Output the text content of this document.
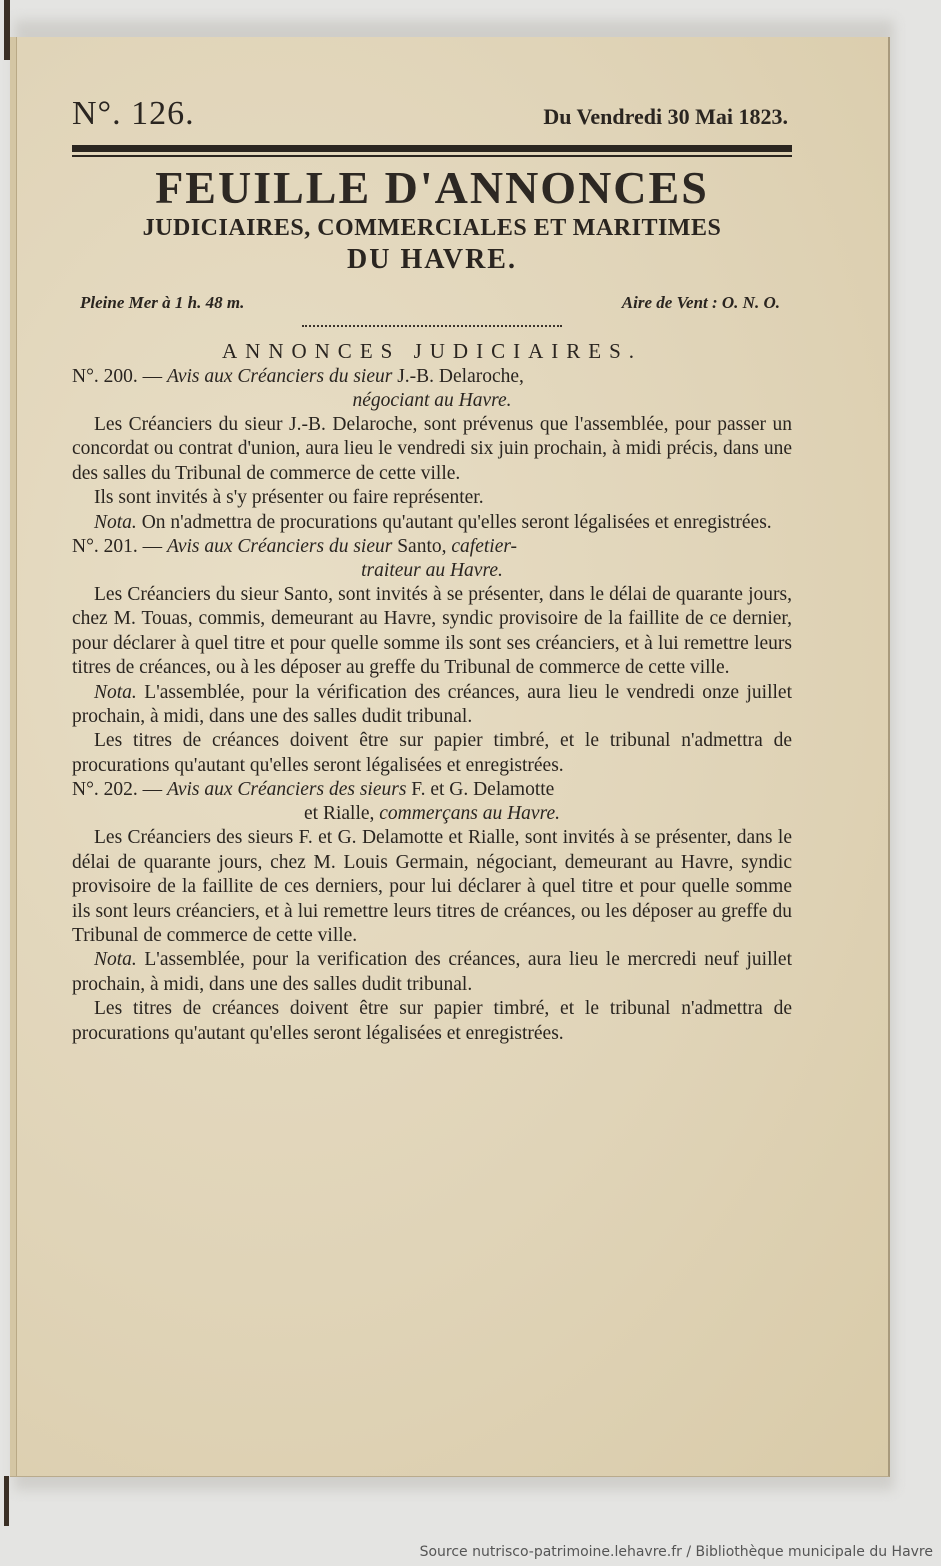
N°. 126.	Du Vendredi 30 Mai 1823.
FEUILLE D'ANNONCES
JUDICIAIRES, COMMERCIALES ET MARITIMES
DU HAVRE.
Pleine Mer à 1 h. 48 m.	Aire de Vent : O. N. O.
ANNONCES JUDICIAIRES.
N°. 200. — Avis aux Créanciers du sieur J.-B. Delaroche,
négociant au Havre.

Les Créanciers du sieur J.-B. Delaroche, sont prévenus que l'assemblée, pour passer un concordat ou contrat d'union, aura lieu le vendredi six juin prochain, à midi précis, dans une des salles du Tribunal de commerce de cette ville.

Ils sont invités à s'y présenter ou faire représenter.

Nota. On n'admettra de procurations qu'autant qu'elles seront légalisées et enregistrées.

N°. 201. — Avis aux Créanciers du sieur Santo, cafetier-
traiteur au Havre.

Les Créanciers du sieur Santo, sont invités à se présenter, dans le délai de quarante jours, chez M. Touas, commis, demeurant au Havre, syndic provisoire de la faillite de ce dernier, pour déclarer à quel titre et pour quelle somme ils sont ses créanciers, et à lui remettre leurs titres de créances, ou à les déposer au greffe du Tribunal de commerce de cette ville.

Nota. L'assemblée, pour la vérification des créances, aura lieu le vendredi onze juillet prochain, à midi, dans une des salles dudit tribunal.

Les titres de créances doivent être sur papier timbré, et le tribunal n'admettra de procurations qu'autant qu'elles seront légalisées et enregistrées.

N°. 202. — Avis aux Créanciers des sieurs F. et G. Delamotte
et Rialle, commerçans au Havre.

Les Créanciers des sieurs F. et G. Delamotte et Rialle, sont invités à se présenter, dans le délai de quarante jours, chez M. Louis Germain, négociant, demeurant au Havre, syndic provisoire de la faillite de ces derniers, pour lui déclarer à quel titre et pour quelle somme ils sont leurs créanciers, et à lui remettre leurs titres de créances, ou les déposer au greffe du Tribunal de commerce de cette ville.

Nota. L'assemblée, pour la verification des créances, aura lieu le mercredi neuf juillet prochain, à midi, dans une des salles dudit tribunal.

Les titres de créances doivent être sur papier timbré, et le tribunal n'admettra de procurations qu'autant qu'elles seront légalisées et enregistrées.

Source nutrisco-patrimoine.lehavre.fr / Bibliothèque municipale du Havre
